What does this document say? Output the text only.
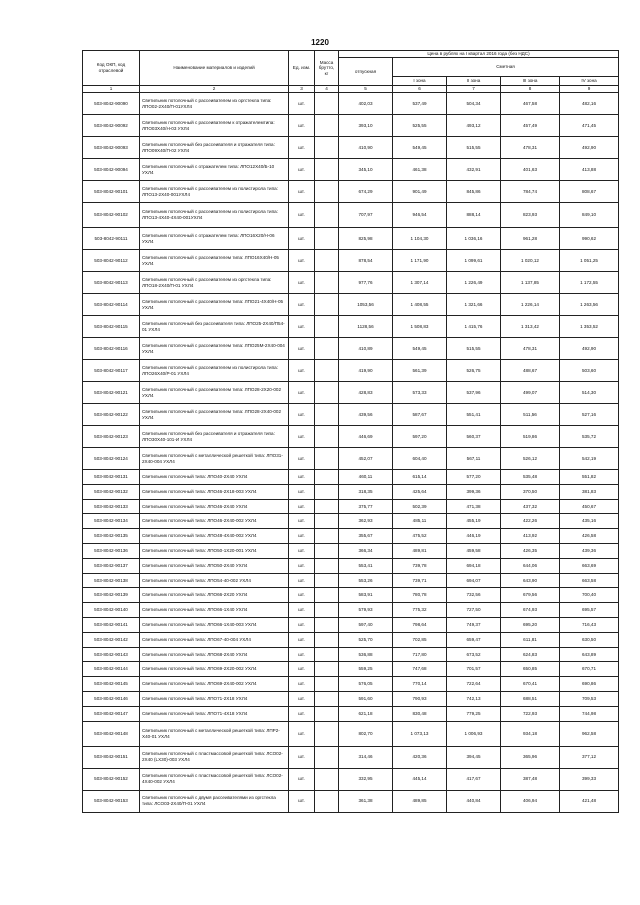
1220
Код ОКП, код отраслевой	Наименование материалов и изделий	Ед. изм.	Масса брутто, кг	Цена в рублях на I квартал 2016 года (без НДС)				
				отпускная	Сметная			
					I зона	II зона	III зона	IV зона
1	2	3	4	5	6	7	8	9
503-8042-90090	Светильник потолочный с рассеивателем из оргстекла типа: ЛПО02-2Х40/П-01УХЛ4	шт.		402,03	537,49	504,34	467,58	482,16
503-8042-90092	Светильник потолочный с рассеивателем к отражателемтипа: ЛПО03Х40/Н-03 УХЛ4	шт.		393,10	525,55	493,12	457,49	471,45
503-8042-90093	Светильник потолочный без рассеивателя и отражателя типа: ЛПО09Х40/П-02 УХЛ4	шт.		410,90	549,45	515,55	478,31	492,90
503-8042-90094	Светильник потолочный с отражателем типа: ЛПО12Х40/Б-10 УХЛ4	шт.		345,10	461,38	432,91	401,63	413,88
503-8042-90101	Светильник потолочный с рассеивателем из полистирола типа: ЛПО13-2Х40-001УХЛ4	шт.		674,29	901,49	845,86	784,74	808,67
503-8042-90102	Светильник потолочный с рассеивателем из полистирола типа: ЛПО13-4Х40-4Х40-001УХЛ4	шт.		707,97	946,54	888,14	823,93	849,10
503-8042-90111	Светильник потолочный с отражателем типа: ЛПО16Х20/Н-06 УХЛ4	шт.		825,98	1 104,30	1 036,16	961,28	990,62
503-8042-90112	Светильник потолочный с рассеивателем типа: ЛПО16Х40/Н-05 УХЛ4	шт.		878,54	1 171,90	1 099,61	1 020,12	1 051,25
503-8042-90113	Светильник потолочный с рассеивателем из оргстекла типа: ЛПО18-2Х40/П-01 УХЛ4	шт.		977,76	1 307,14	1 226,49	1 137,85	1 172,55
503-8042-90114	Светильник потолочный с рассеивателем типа: ЛПО21-4Х40/Н-05 УХЛ4	шт.		1053,56	1 408,55	1 321,66	1 226,14	1 263,56
503-8042-90115	Светильник потолочный без рассеивателя типа: ЛПО25-2Х40/П54-01 УХЛ4	шт.		1128,56	1 508,83	1 415,76	1 313,42	1 353,52
503-8042-90116	Светильник потолочный с рассеивателем типа: ЛПО25М-2Х40-004 УХЛ4	шт.		410,89	549,45	515,55	478,31	492,90
503-8042-90117	Светильник потолочный с рассеивателем из полистирола типа: ЛПО26Х40/Р-01 УХЛ4	шт.		419,90	561,39	526,75	488,67	503,60
503-8042-90121	Светильник потолочный с рассеивателем типа: ЛПО28-2Х20-002 УХЛ4	шт.		428,83	573,33	537,96	499,07	514,30
503-8042-90122	Светильник потолочный с рассеивателем типа: ЛПО28-2Х40-002 УХЛ4	шт.		439,56	587,67	551,41	511,56	527,16
503-8042-90123	Светильник потолочный без рассеивателя и отражателя типа: ЛПО30Х40-101-И УХЛ4	шт.		446,69	597,20	560,37	519,86	535,72
503-8042-90124	Светильник потолочный с металлической решеткой типа: ЛПО31-2Х40-004 УХЛ4	шт.		452,07	604,40	567,11	526,12	542,19
503-8042-90131	Светильник потолочный типа: ЛПО40-2Х40 УХЛ4	шт.		460,11	615,14	577,20	535,48	551,82
503-8042-90132	Светильник потолочный типа: ЛПО46-2Х18-003 УХЛ4	шт.		318,35	425,64	399,36	370,50	381,83
503-8042-90133	Светильник потолочный типа: ЛПО46-2Х40 УХЛ4	шт.		375,77	502,39	471,38	437,32	450,67
503-8042-90134	Светильник потолочный типа: ЛПО46-2Х40-002 УХЛ4	шт.		362,93	485,11	455,19	422,26	435,16
503-8042-90135	Светильник потолочный типа: ЛПО48-4Х40-002 УХЛ4	шт.		355,67	475,52	446,19	413,92	426,58
503-8042-90136	Светильник потолочный типа: ЛПО50-1Х20-001 УХЛ4	шт.		366,34	489,81	459,58	426,35	439,36
503-8042-90137	Светильник потолочный типа: ЛПО50-2Х40 УХЛ4	шт.		553,41	739,78	694,18	644,06	663,69
503-8042-90138	Светильник потолочный типа: ЛПО54-40-002 УХЛ4	шт.		553,26	739,71	694,07	643,90	663,58
503-8042-90139	Светильник потолочный типа: ЛПО66-2Х20 УХЛ4	шт.		583,91	780,78	732,56	679,56	700,40
503-8042-90140	Светильник потолочный типа: ЛПО66-1Х40 УХЛ4	шт.		579,93	775,32	727,50	674,93	695,57
503-8042-90141	Светильник потолочный типа: ЛПО66-1Х40-003 УХЛ4	шт.		597,40	798,64	749,37	695,20	716,43
503-8042-90142	Светильник потолочный типа: ЛПО67-40-004 УХЛ4	шт.		525,70	702,85	659,47	611,81	630,50
503-8042-90143	Светильник потолочный типа: ЛПО68-2Х40 УХЛ4	шт.		536,88	717,80	673,52	624,83	643,89
503-8042-90144	Светильник потолочный типа: ЛПО69-2Х20-002 УХЛ4	шт.		559,25	747,68	701,57	650,85	670,71
503-8042-90145	Светильник потолочный типа: ЛПО69-2Х40-002 УХЛ4	шт.		576,05	770,14	722,64	670,41	690,86
503-8042-90146	Светильник потолочный типа: ЛПО71-2Х18 УХЛ4	шт.		591,60	790,93	742,13	688,51	709,53
503-8042-90147	Светильник потолочный типа: ЛПО71-4Х18 УХЛ4	шт.		621,18	830,48	779,25	722,93	744,98
503-8042-90148	Светильник потолочный с металлической решеткой типа: ЛПР2-Х40-01 УХЛ4	шт.		802,70	1 073,13	1 006,93	934,18	962,58
503-8042-90151	Светильник потолочный с пластмассовой решеткой типа: ЛСО02-2Х40 (LХ30)-003 УХЛ4	шт.		314,46	420,36	394,45	365,96	377,12
503-8042-90152	Светильник потолочный с пластмассовой решеткой типа: ЛСО02-4Х40-002 УХЛ4	шт.		332,95	445,14	417,67	387,48	399,33
503-8042-90153	Светильник потолочный с двумя рассеивателями из оргстекла типа: ЛСО03-2Х40/П-01 УХЛ4	шт.		361,38	489,85	440,84	406,94	421,48
